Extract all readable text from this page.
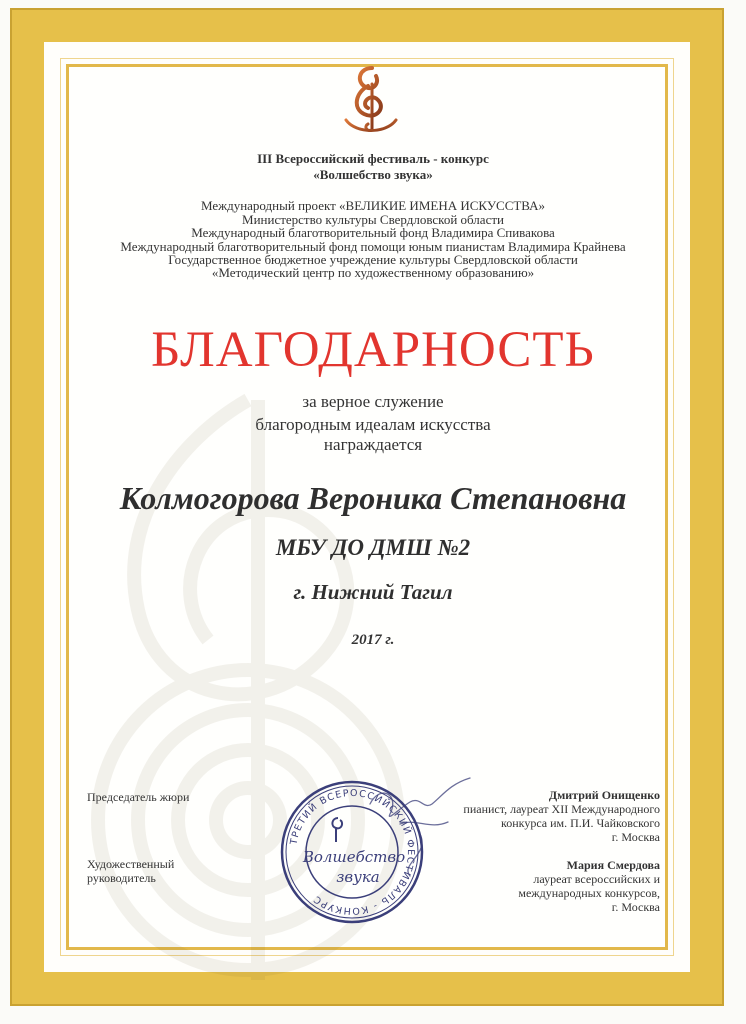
III Всероссийский фестиваль - конкурс
«Волшебство звука»
Международный проект «ВЕЛИКИЕ ИМЕНА ИСКУССТВА»
Министерство культуры Свердловской области
Международный благотворительный фонд Владимира Спивакова
Международный благотворительный фонд помощи юным пианистам Владимира Крайнева
Государственное бюджетное учреждение культуры Свердловской области
«Методический центр по художественному образованию»
БЛАГОДАРНОСТЬ
за верное служение
благородным идеалам искусства
награждается
Колмогорова Вероника Степановна
МБУ ДО ДМШ №2
г. Нижний Тагил
2017 г.
Председатель жюри
Художественный
руководитель
Дмитрий Онищенко
пианист, лауреат XII Международного
конкурса им. П.И. Чайковского
г. Москва
Мария Смердова
лауреат всероссийских и
международных конкурсов,
г. Москва
ТРЕТИЙ ВСЕРОССИЙСКИЙ ФЕСТИВАЛЬ - КОНКУРС
Волшебство
звука
